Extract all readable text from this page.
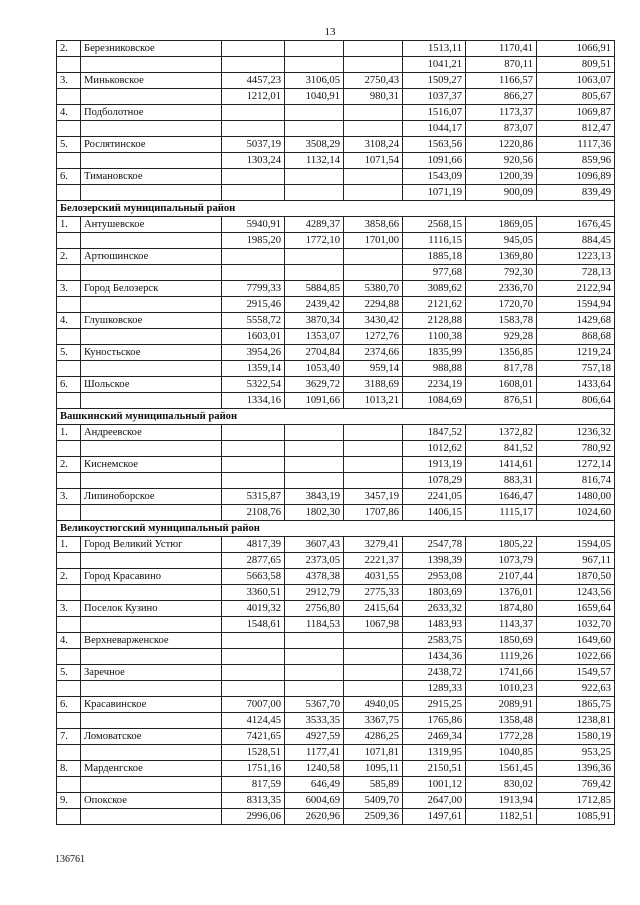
13
2.	Березниковское				1513,11	1170,41	1066,91
					1041,21	870,11	809,51
3.	Миньковское	4457,23	3106,05	2750,43	1509,27	1166,57	1063,07
		1212,01	1040,91	980,31	1037,37	866,27	805,67
4.	Подболотное				1516,07	1173,37	1069,87
					1044,17	873,07	812,47
5.	Рослятинское	5037,19	3508,29	3108,24	1563,56	1220,86	1117,36
		1303,24	1132,14	1071,54	1091,66	920,56	859,96
6.	Тимановское				1543,09	1200,39	1096,89
					1071,19	900,09	839,49
Белозерский муниципальный район							
1.	Антушевское	5940,91	4289,37	3858,66	2568,15	1869,05	1676,45
		1985,20	1772,10	1701,00	1116,15	945,05	884,45
2.	Артюшинское				1885,18	1369,80	1223,13
					977,68	792,30	728,13
3.	Город Белозерск	7799,33	5884,85	5380,70	3089,62	2336,70	2122,94
		2915,46	2439,42	2294,88	2121,62	1720,70	1594,94
4.	Глушковское	5558,72	3870,34	3430,42	2128,88	1583,78	1429,68
		1603,01	1353,07	1272,76	1100,38	929,28	868,68
5.	Куностьское	3954,26	2704,84	2374,66	1835,99	1356,85	1219,24
		1359,14	1053,40	959,14	988,88	817,78	757,18
6.	Шольское	5322,54	3629,72	3188,69	2234,19	1608,01	1433,64
		1334,16	1091,66	1013,21	1084,69	876,51	806,64
Вашкинский муниципальный район							
1.	Андреевское				1847,52	1372,82	1236,32
					1012,62	841,52	780,92
2.	Киснемское				1913,19	1414,61	1272,14
					1078,29	883,31	816,74
3.	Липиноборское	5315,87	3843,19	3457,19	2241,05	1646,47	1480,00
		2108,76	1802,30	1707,86	1406,15	1115,17	1024,60
Великоустюгский муниципальный район							
1.	Город Великий Устюг	4817,39	3607,43	3279,41	2547,78	1805,22	1594,05
		2877,65	2373,05	2221,37	1398,39	1073,79	967,11
2.	Город Красавино	5663,58	4378,38	4031,55	2953,08	2107,44	1870,50
		3360,51	2912,79	2775,33	1803,69	1376,01	1243,56
3.	Поселок Кузино	4019,32	2756,80	2415,64	2633,32	1874,80	1659,64
		1548,61	1184,53	1067,98	1483,93	1143,37	1032,70
4.	Верхневарженское				2583,75	1850,69	1649,60
					1434,36	1119,26	1022,66
5.	Заречное				2438,72	1741,66	1549,57
					1289,33	1010,23	922,63
6.	Красавинское	7007,00	5367,70	4940,05	2915,25	2089,91	1865,75
		4124,45	3533,35	3367,75	1765,86	1358,48	1238,81
7.	Ломоватское	7421,65	4927,59	4286,25	2469,34	1772,28	1580,19
		1528,51	1177,41	1071,81	1319,95	1040,85	953,25
8.	Марденгское	1751,16	1240,58	1095,11	2150,51	1561,45	1396,36
		817,59	646,49	585,89	1001,12	830,02	769,42
9.	Опокское	8313,35	6004,69	5409,70	2647,00	1913,94	1712,85
		2996,06	2620,96	2509,36	1497,61	1182,51	1085,91
136761
